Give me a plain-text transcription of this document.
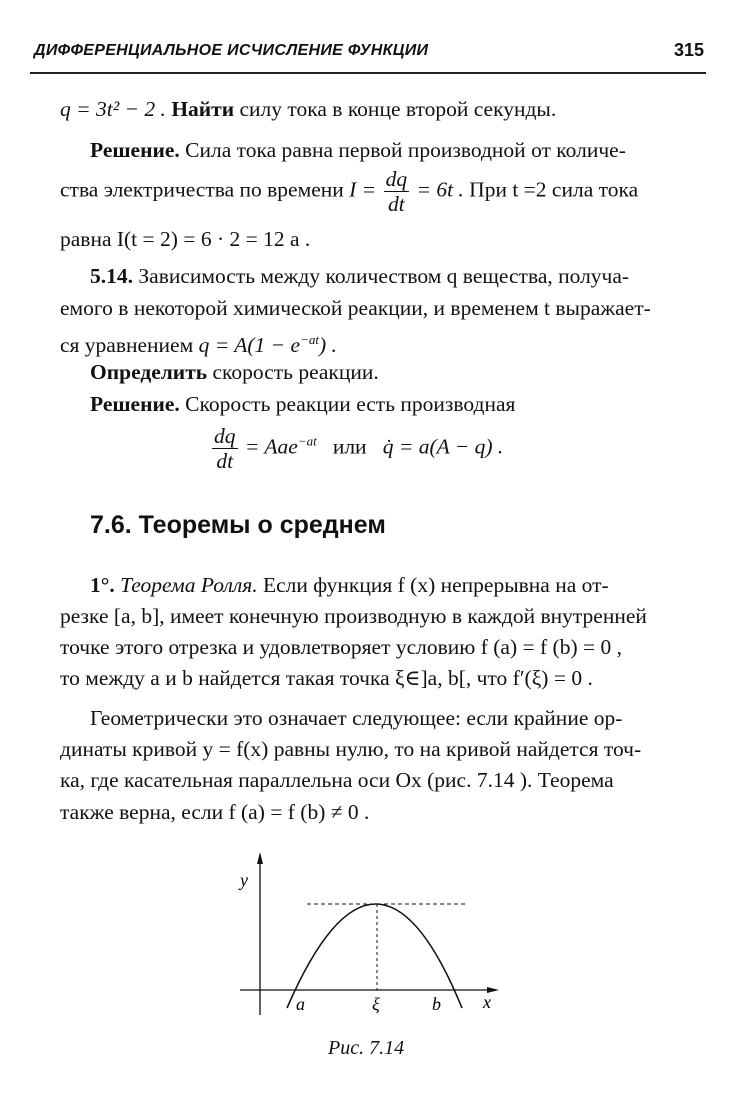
ДИФФЕРЕНЦИАЛЬНОЕ ИСЧИСЛЕНИЕ ФУНКЦИИ	315
q = 3t² − 2 . Найти силу тока в конце второй секунды.
Решение. Сила тока равна первой производной от количе-
ства электричества по времени $I = \frac{dq}{dt} = 6t$ . При t =2 сила тока
равна I(t = 2) = 6 · 2 = 12 а .
5.14. Зависимость между количеством q вещества, получа-
емого в некоторой химической реакции, и временем t выражает-
ся уравнением $q = A(1 - e^{-at})$ .
Определить скорость реакции.
Решение. Скорость реакции есть производная
$\frac{dq}{dt} = Aae^{-at}$ или q̇ = a(A − q) .
7.6. Теоремы о среднем
1°. Теорема Ролля. Если функция f (x) непрерывна на от-
резке [a, b], имеет конечную производную в каждой внутренней
точке этого отрезка и удовлетворяет условию f (a) = f (b) = 0 ,
то между a и b найдется такая точка ξ∈]a, b[, что f′(ξ) = 0 .
Геометрически это означает следующее: если крайние ор-
динаты кривой y = f(x) равны нулю, то на кривой найдется точ-
ка, где касательная параллельна оси Ox (рис. 7.14 ). Теорема
также верна, если f (a) = f (b) ≠ 0 .
y
x
a	ξ	b
Рис. 7.14
